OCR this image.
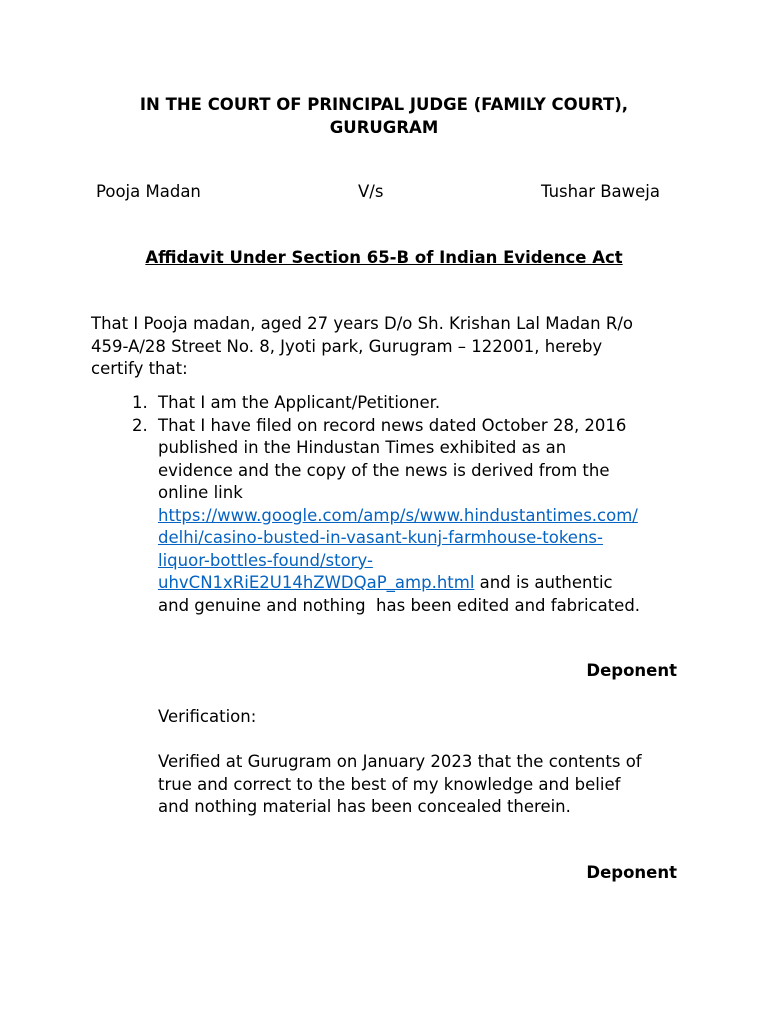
IN THE COURT OF PRINCIPAL JUDGE (FAMILY COURT),
GURUGRAM
Pooja Madan	V/s	Tushar Baweja
Affidavit Under Section 65-B of Indian Evidence Act
That I Pooja madan, aged 27 years D/o Sh. Krishan Lal Madan R/o
459-A/28 Street No. 8, Jyoti park, Gurugram – 122001, hereby
certify that:
1. That I am the Applicant/Petitioner.
2. That I have filed on record news dated October 28, 2016
published in the Hindustan Times exhibited as an
evidence and the copy of the news is derived from the
online link
https://www.google.com/amp/s/www.hindustantimes.com/
delhi/casino-busted-in-vasant-kunj-farmhouse-tokens-
liquor-bottles-found/story-
uhvCN1xRiE2U14hZWDQaP_amp.html and is authentic
and genuine and nothing  has been edited and fabricated.
Deponent
Verification:
Verified at Gurugram on January 2023 that the contents of
true and correct to the best of my knowledge and belief
and nothing material has been concealed therein.
Deponent
